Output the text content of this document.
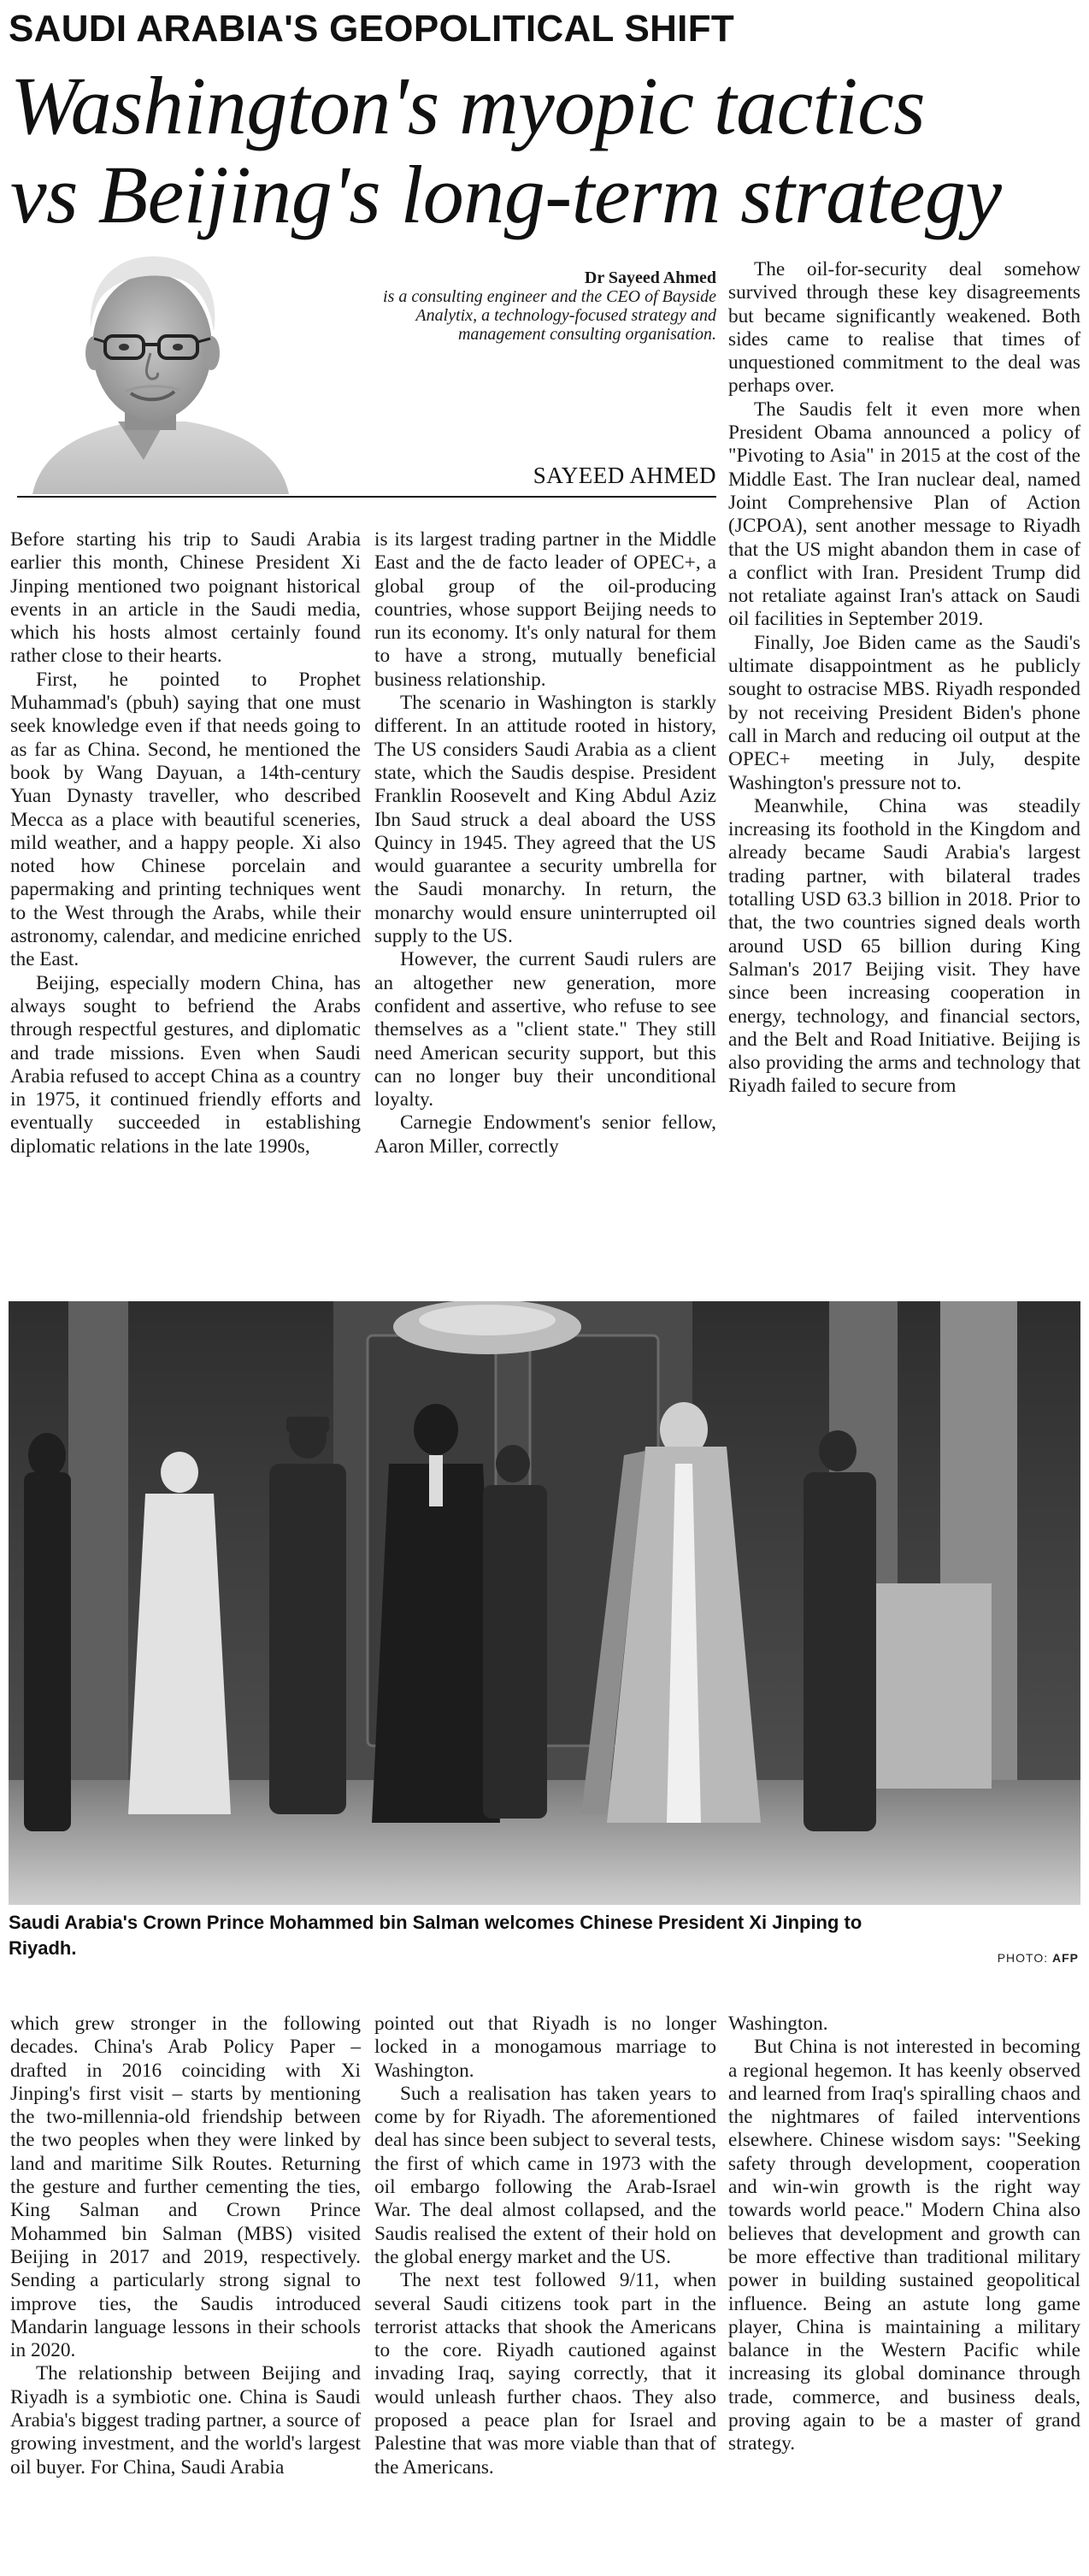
SAUDI ARABIA'S GEOPOLITICAL SHIFT
Washington's myopic tactics
vs Beijing's long-term strategy
Dr Sayeed Ahmed
is a consulting engineer and the CEO of Bayside Analytix, a technology-focused strategy and management consulting organisation.
SAYEED AHMED

Before starting his trip to Saudi Arabia earlier this month, Chinese President Xi Jinping mentioned two poignant historical events in an article in the Saudi media, which his hosts almost certainly found rather close to their hearts.

First, he pointed to Prophet Muhammad's (pbuh) saying that one must seek knowledge even if that needs going to as far as China. Second, he mentioned the book by Wang Dayuan, a 14th-century Yuan Dynasty traveller, who described Mecca as a place with beautiful sceneries, mild weather, and a happy people. Xi also noted how Chinese porcelain and papermaking and printing techniques went to the West through the Arabs, while their astronomy, calendar, and medicine enriched the East.

Beijing, especially modern China, has always sought to befriend the Arabs through respectful gestures, and diplomatic and trade missions. Even when Saudi Arabia refused to accept China as a country in 1975, it continued friendly efforts and eventually succeeded in establishing diplomatic relations in the late 1990s,

is its largest trading partner in the Middle East and the de facto leader of OPEC+, a global group of the oil-producing countries, whose support Beijing needs to run its economy. It's only natural for them to have a strong, mutually beneficial business relationship.

The scenario in Washington is starkly different. In an attitude rooted in history, The US considers Saudi Arabia as a client state, which the Saudis despise. President Franklin Roosevelt and King Abdul Aziz Ibn Saud struck a deal aboard the USS Quincy in 1945. They agreed that the US would guarantee a security umbrella for the Saudi monarchy. In return, the monarchy would ensure uninterrupted oil supply to the US.

However, the current Saudi rulers are an altogether new generation, more confident and assertive, who refuse to see themselves as a "client state." They still need American security support, but this can no longer buy their unconditional loyalty.

Carnegie Endowment's senior fellow, Aaron Miller, correctly

The oil-for-security deal somehow survived through these key disagreements but became significantly weakened. Both sides came to realise that times of unquestioned commitment to the deal was perhaps over.

The Saudis felt it even more when President Obama announced a policy of "Pivoting to Asia" in 2015 at the cost of the Middle East. The Iran nuclear deal, named Joint Comprehensive Plan of Action (JCPOA), sent another message to Riyadh that the US might abandon them in case of a conflict with Iran. President Trump did not retaliate against Iran's attack on Saudi oil facilities in September 2019.

Finally, Joe Biden came as the Saudi's ultimate disappointment as he publicly sought to ostracise MBS. Riyadh responded by not receiving President Biden's phone call in March and reducing oil output at the OPEC+ meeting in July, despite Washington's pressure not to.

Meanwhile, China was steadily increasing its foothold in the Kingdom and already became Saudi Arabia's largest trading partner, with bilateral trades totalling USD 63.3 billion in 2018. Prior to that, the two countries signed deals worth around USD 65 billion during King Salman's 2017 Beijing visit. They have since been increasing cooperation in energy, technology, and financial sectors, and the Belt and Road Initiative. Beijing is also providing the arms and technology that Riyadh failed to secure from

Saudi Arabia's Crown Prince Mohammed bin Salman welcomes Chinese President Xi Jinping to Riyadh.	PHOTO: AFP

which grew stronger in the following decades. China's Arab Policy Paper – drafted in 2016 coinciding with Xi Jinping's first visit – starts by mentioning the two-millennia-old friendship between the two peoples when they were linked by land and maritime Silk Routes. Returning the gesture and further cementing the ties, King Salman and Crown Prince Mohammed bin Salman (MBS) visited Beijing in 2017 and 2019, respectively. Sending a particularly strong signal to improve ties, the Saudis introduced Mandarin language lessons in their schools in 2020.

The relationship between Beijing and Riyadh is a symbiotic one. China is Saudi Arabia's biggest trading partner, a source of growing investment, and the world's largest oil buyer. For China, Saudi Arabia

pointed out that Riyadh is no longer locked in a monogamous marriage to Washington.

Such a realisation has taken years to come by for Riyadh. The aforementioned deal has since been subject to several tests, the first of which came in 1973 with the oil embargo following the Arab-Israel War. The deal almost collapsed, and the Saudis realised the extent of their hold on the global energy market and the US.

The next test followed 9/11, when several Saudi citizens took part in the terrorist attacks that shook the Americans to the core. Riyadh cautioned against invading Iraq, saying correctly, that it would unleash further chaos. They also proposed a peace plan for Israel and Palestine that was more viable than that of the Americans.

Washington.

But China is not interested in becoming a regional hegemon. It has keenly observed and learned from Iraq's spiralling chaos and the nightmares of failed interventions elsewhere. Chinese wisdom says: "Seeking safety through development, cooperation and win-win growth is the right way towards world peace." Modern China also believes that development and growth can be more effective than traditional military power in building sustained geopolitical influence. Being an astute long game player, China is maintaining a military balance in the Western Pacific while increasing its global dominance through trade, commerce, and business deals, proving again to be a master of grand strategy.
